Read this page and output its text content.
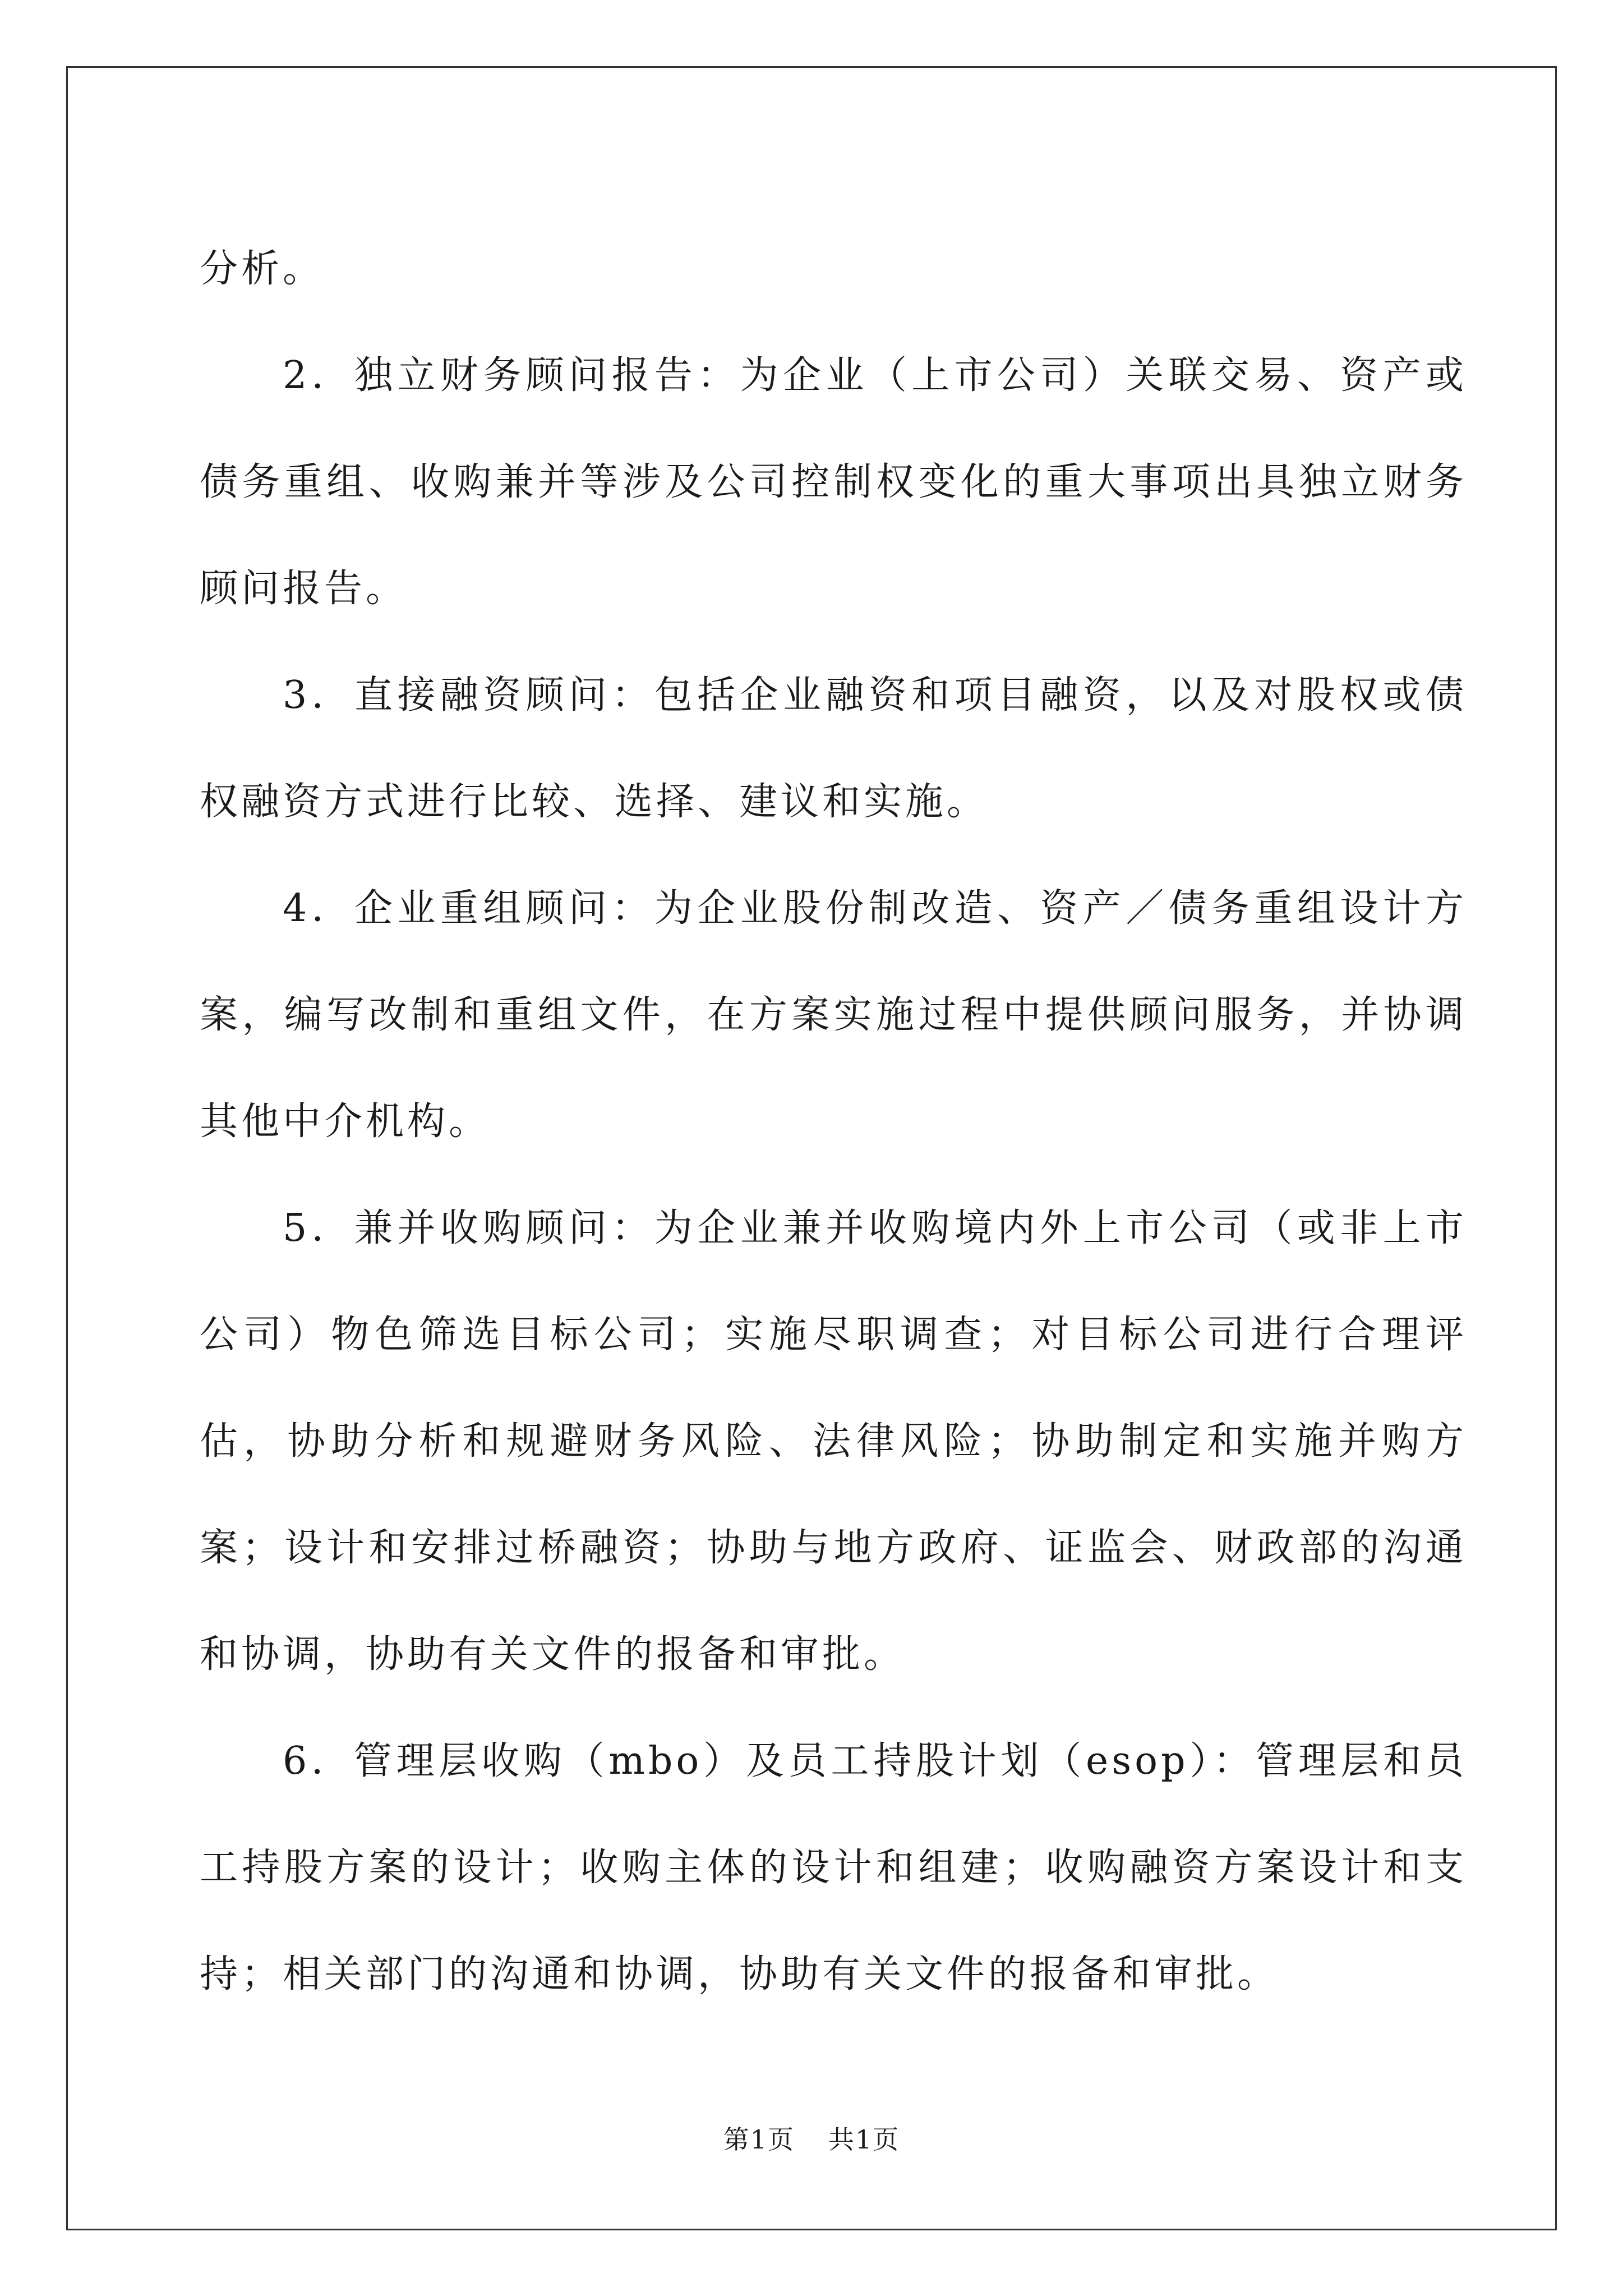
分析。

2．独立财务顾问报告：为企业（上市公司）关联交易、资产或债务重组、收购兼并等涉及公司控制权变化的重大事项出具独立财务顾问报告。

3．直接融资顾问：包括企业融资和项目融资，以及对股权或债权融资方式进行比较、选择、建议和实施。

4．企业重组顾问：为企业股份制改造、资产／债务重组设计方案，编写改制和重组文件，在方案实施过程中提供顾问服务，并协调其他中介机构。

5．兼并收购顾问：为企业兼并收购境内外上市公司（或非上市公司）物色筛选目标公司；实施尽职调查；对目标公司进行合理评估，协助分析和规避财务风险、法律风险；协助制定和实施并购方案；设计和安排过桥融资；协助与地方政府、证监会、财政部的沟通和协调，协助有关文件的报备和审批。

6．管理层收购（mbo）及员工持股计划（esop）：管理层和员工持股方案的设计；收购主体的设计和组建；收购融资方案设计和支持；相关部门的沟通和协调，协助有关文件的报备和审批。

第1页 共1页
